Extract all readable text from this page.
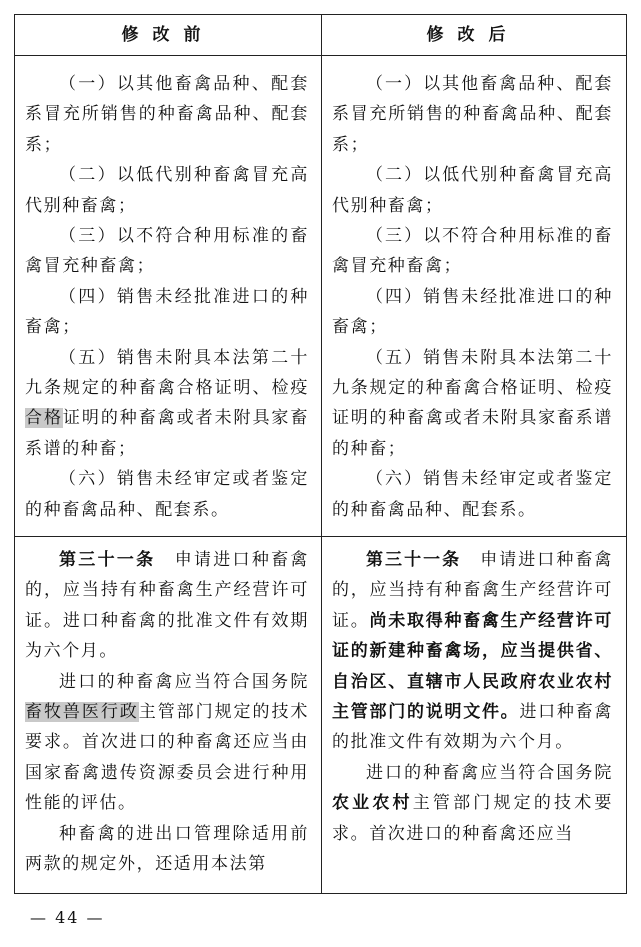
修改前	修改后

（一）以其他畜禽品种、配套系冒充所销售的种畜禽品种、配套系；

（二）以低代别种畜禽冒充高代别种畜禽；

（三）以不符合种用标准的畜禽冒充种畜禽；

（四）销售未经批准进口的种畜禽；

（五）销售未附具本法第二十九条规定的种畜禽合格证明、检疫合格证明的种畜禽或者未附具家畜系谱的种畜；

（六）销售未经审定或者鉴定的种畜禽品种、配套系。

（一）以其他畜禽品种、配套系冒充所销售的种畜禽品种、配套系；

（二）以低代别种畜禽冒充高代别种畜禽；

（三）以不符合种用标准的畜禽冒充种畜禽；

（四）销售未经批准进口的种畜禽；

（五）销售未附具本法第二十九条规定的种畜禽合格证明、检疫证明的种畜禽或者未附具家畜系谱的种畜；

（六）销售未经审定或者鉴定的种畜禽品种、配套系。

第三十一条　申请进口种畜禽的，应当持有种畜禽生产经营许可证。进口种畜禽的批准文件有效期为六个月。

进口的种畜禽应当符合国务院畜牧兽医行政主管部门规定的技术要求。首次进口的种畜禽还应当由国家畜禽遗传资源委员会进行种用性能的评估。

种畜禽的进出口管理除适用前两款的规定外，还适用本法第

第三十一条　申请进口种畜禽的，应当持有种畜禽生产经营许可证。尚未取得种畜禽生产经营许可证的新建种畜禽场，应当提供省、自治区、直辖市人民政府农业农村主管部门的说明文件。进口种畜禽的批准文件有效期为六个月。

进口的种畜禽应当符合国务院农业农村主管部门规定的技术要求。首次进口的种畜禽还应当

— 44 —
